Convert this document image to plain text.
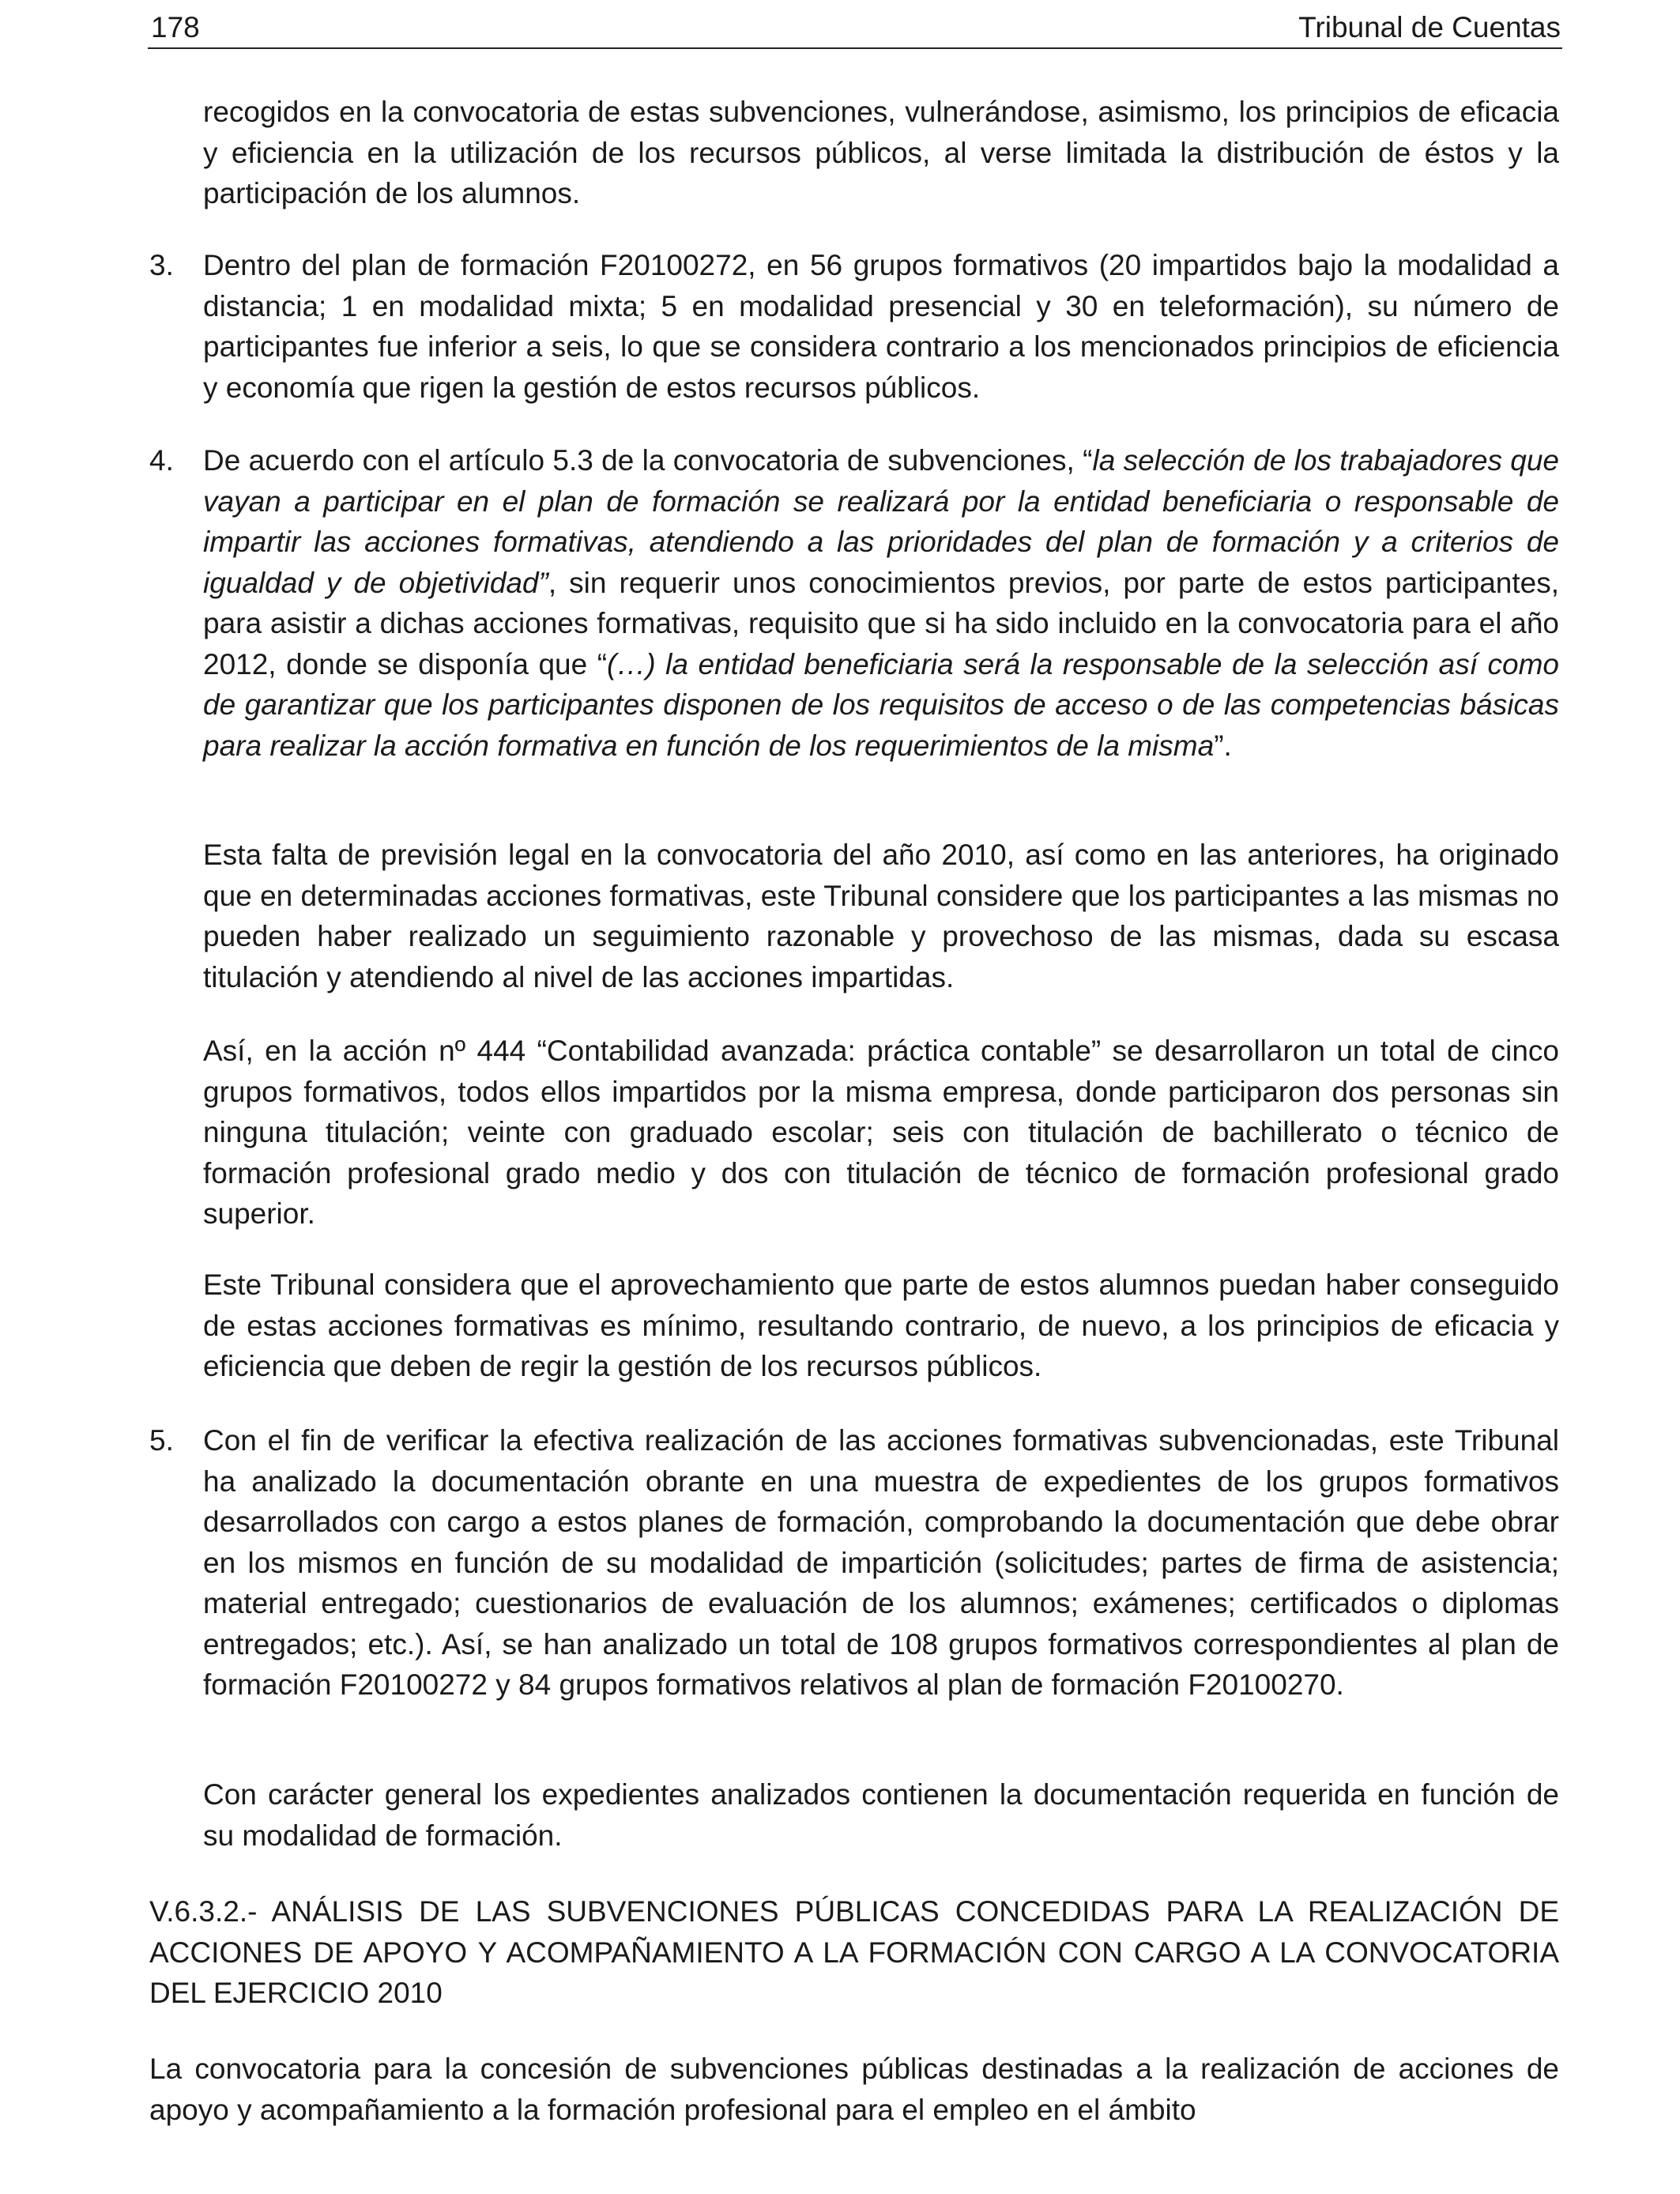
178	Tribunal de Cuentas

recogidos en la convocatoria de estas subvenciones, vulnerándose, asimismo, los principios de eficacia y eficiencia en la utilización de los recursos públicos, al verse limitada la distribución de éstos y la participación de los alumnos.

3. Dentro del plan de formación F20100272, en 56 grupos formativos (20 impartidos bajo la modalidad a distancia; 1 en modalidad mixta; 5 en modalidad presencial y 30 en teleformación), su número de participantes fue inferior a seis, lo que se considera contrario a los mencionados principios de eficiencia y economía que rigen la gestión de estos recursos públicos.

4. De acuerdo con el artículo 5.3 de la convocatoria de subvenciones, “la selección de los trabajadores que vayan a participar en el plan de formación se realizará por la entidad beneficiaria o responsable de impartir las acciones formativas, atendiendo a las prioridades del plan de formación y a criterios de igualdad y de objetividad”, sin requerir unos conocimientos previos, por parte de estos participantes, para asistir a dichas acciones formativas, requisito que si ha sido incluido en la convocatoria para el año 2012, donde se disponía que “(…) la entidad beneficiaria será la responsable de la selección así como de garantizar que los participantes disponen de los requisitos de acceso o de las competencias básicas para realizar la acción formativa en función de los requerimientos de la misma”.

Esta falta de previsión legal en la convocatoria del año 2010, así como en las anteriores, ha originado que en determinadas acciones formativas, este Tribunal considere que los participantes a las mismas no pueden haber realizado un seguimiento razonable y provechoso de las mismas, dada su escasa titulación y atendiendo al nivel de las acciones impartidas.

Así, en la acción nº 444 “Contabilidad avanzada: práctica contable” se desarrollaron un total de cinco grupos formativos, todos ellos impartidos por la misma empresa, donde participaron dos personas sin ninguna titulación; veinte con graduado escolar; seis con titulación de bachillerato o técnico de formación profesional grado medio y dos con titulación de técnico de formación profesional grado superior.

Este Tribunal considera que el aprovechamiento que parte de estos alumnos puedan haber conseguido de estas acciones formativas es mínimo, resultando contrario, de nuevo, a los principios de eficacia y eficiencia que deben de regir la gestión de los recursos públicos.

5. Con el fin de verificar la efectiva realización de las acciones formativas subvencionadas, este Tribunal ha analizado la documentación obrante en una muestra de expedientes de los grupos formativos desarrollados con cargo a estos planes de formación, comprobando la documentación que debe obrar en los mismos en función de su modalidad de impartición (solicitudes; partes de firma de asistencia; material entregado; cuestionarios de evaluación de los alumnos; exámenes; certificados o diplomas entregados; etc.). Así, se han analizado un total de 108 grupos formativos correspondientes al plan de formación F20100272 y 84 grupos formativos relativos al plan de formación F20100270.

Con carácter general los expedientes analizados contienen la documentación requerida en función de su modalidad de formación.

V.6.3.2.- ANÁLISIS DE LAS SUBVENCIONES PÚBLICAS CONCEDIDAS PARA LA REALIZACIÓN DE ACCIONES DE APOYO Y ACOMPAÑAMIENTO A LA FORMACIÓN CON CARGO A LA CONVOCATORIA DEL EJERCICIO 2010

La convocatoria para la concesión de subvenciones públicas destinadas a la realización de acciones de apoyo y acompañamiento a la formación profesional para el empleo en el ámbito
